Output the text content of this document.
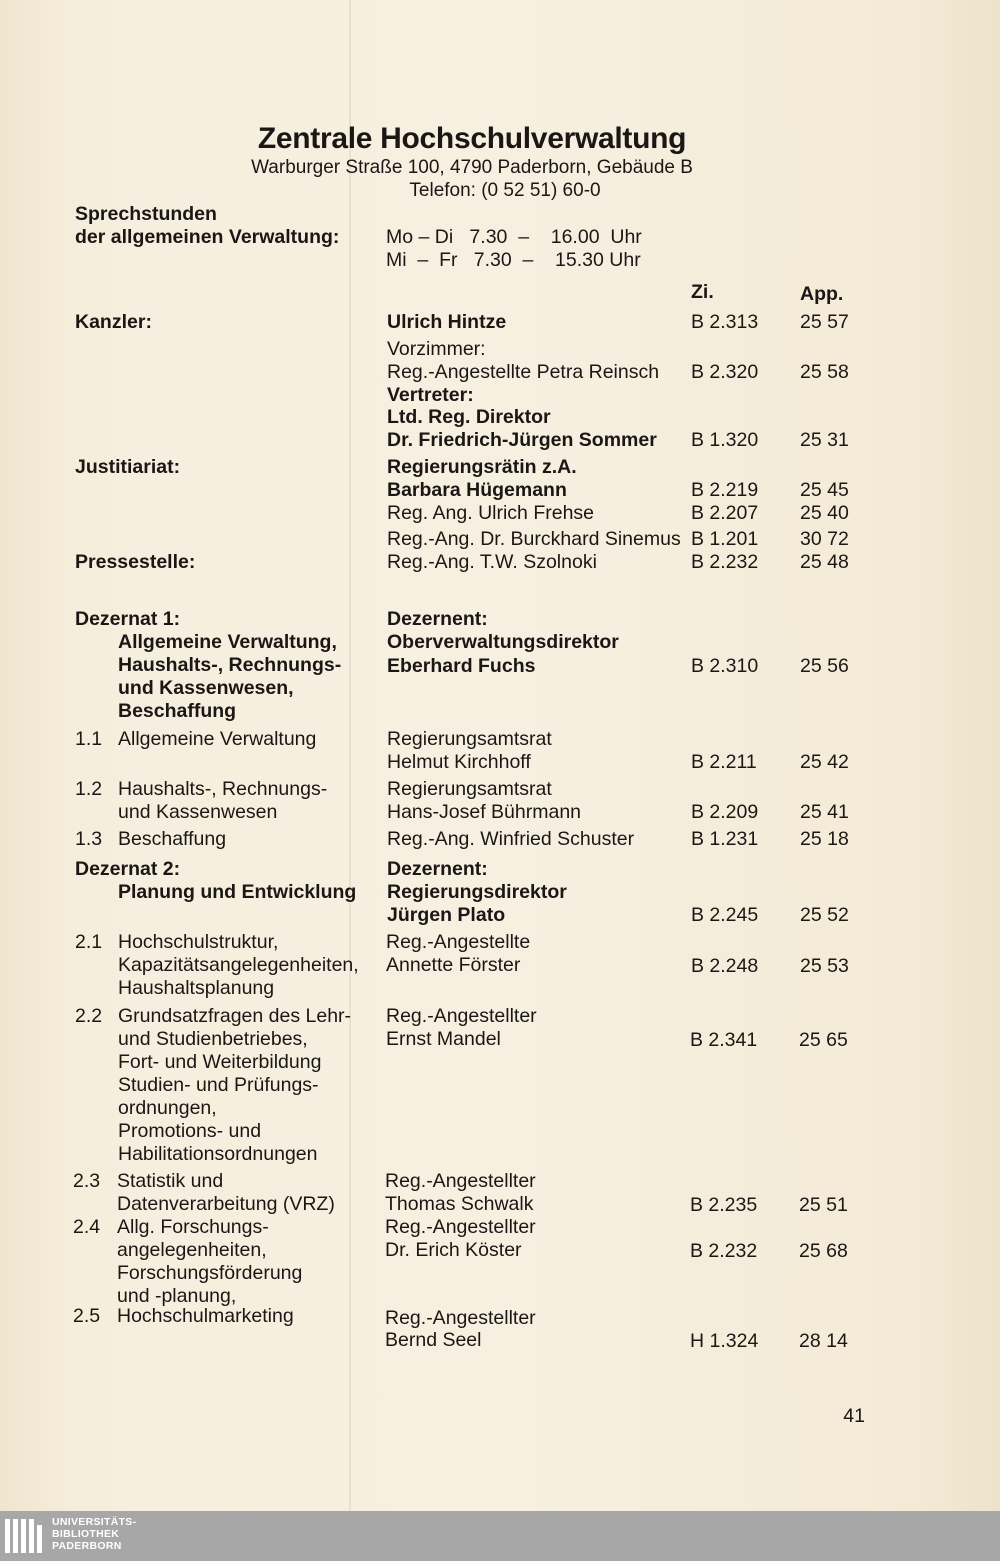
Zentrale Hochschulverwaltung
Warburger Straße 100, 4790 Paderborn, Gebäude B
Telefon: (0 52 51) 60-0
Sprechstunden
der allgemeinen Verwaltung: Mo – Di   7.30  –    16.00  Uhr
Mi  –  Fr   7.30  –    15.30 Uhr
Zi.	App.
Kanzler:	Ulrich Hintze	B 2.313 25 57
Vorzimmer:
Reg.-Angestellte Petra Reinsch B 2.320 25 58
Vertreter:
Ltd. Reg. Direktor
Dr. Friedrich-Jürgen Sommer B 1.320 25 31
Justitiariat:	Regierungsrätin z.A.
Barbara Hügemann	B 2.219 25 45
Reg. Ang. Ulrich Frehse	B 2.207 25 40
Reg.-Ang. Dr. Burckhard Sinemus B 1.201 30 72
Pressestelle:	Reg.-Ang. T.W. Szolnoki	B 2.232 25 48
Dezernat 1:
Allgemeine Verwaltung,
Haushalts-, Rechnungs-
und Kassenwesen,
Beschaffung
Dezernent:
Oberverwaltungsdirektor
Eberhard Fuchs	B 2.310 25 56
1.1 Allgemeine Verwaltung	Regierungsamtsrat
Helmut Kirchhoff	B 2.211 25 42
1.2 Haushalts-, Rechnungs-
und Kassenwesen
Regierungsamtsrat
Hans-Josef Bührmann	B 2.209 25 41
1.3 Beschaffung	Reg.-Ang. Winfried Schuster	B 1.231 25 18
Dezernat 2:
Planung und Entwicklung
Dezernent:
Regierungsdirektor
Jürgen Plato	B 2.245 25 52
2.1 Hochschulstruktur,
Kapazitätsangelegenheiten,
Haushaltsplanung
Reg.-Angestellte
Annette Förster	B 2.248 25 53
2.2 Grundsatzfragen des Lehr-
und Studienbetriebes,
Fort- und Weiterbildung
Studien- und Prüfungs-
ordnungen,
Promotions- und
Habilitationsordnungen
Reg.-Angestellter
Ernst Mandel	B 2.341 25 65
2.3 Statistik und
Datenverarbeitung (VRZ)
Reg.-Angestellter
Thomas Schwalk	B 2.235 25 51
2.4 Allg. Forschungs-
angelegenheiten,
Forschungsförderung
und -planung,
Reg.-Angestellter
Dr. Erich Köster	B 2.232 25 68
2.5 Hochschulmarketing	Reg.-Angestellter
Bernd Seel	H 1.324 28 14
41
UNIVERSITÄTS-
BIBLIOTHEK
PADERBORN
